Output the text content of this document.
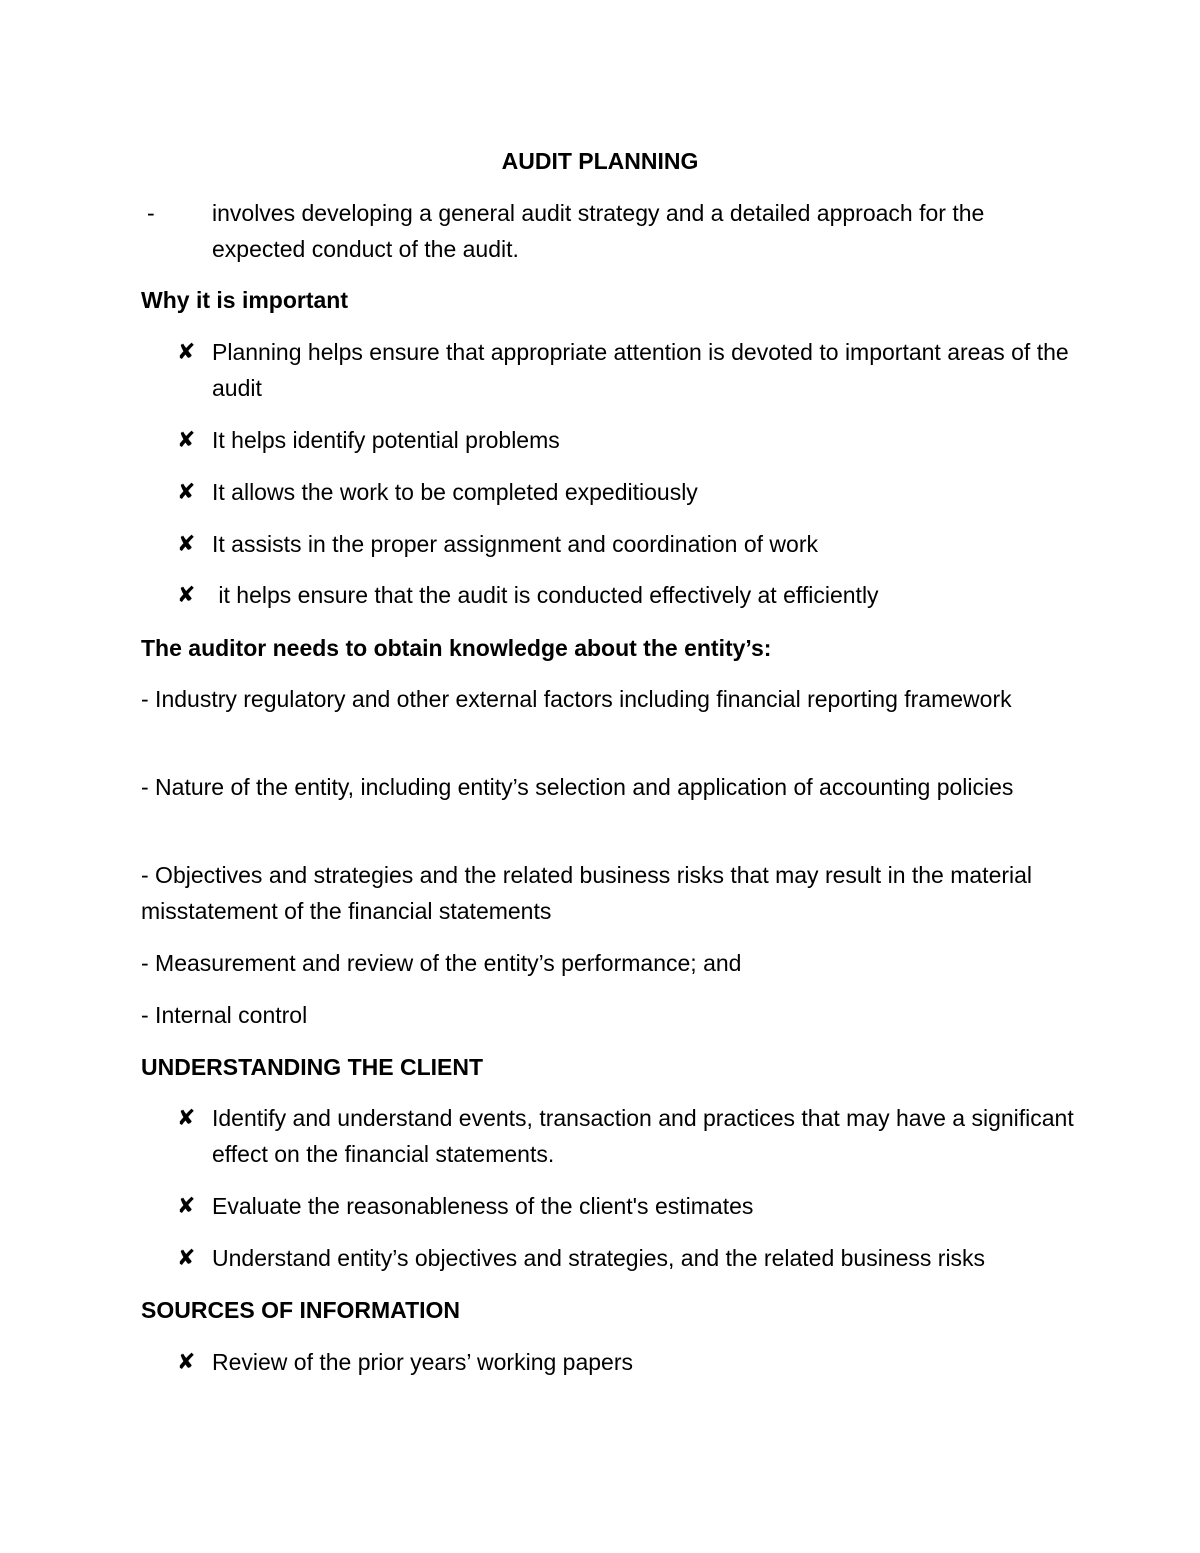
AUDIT PLANNING
- involves developing a general audit strategy and a detailed approach for the expected conduct of the audit.
Why it is important
✘ Planning helps ensure that appropriate attention is devoted to important areas of the audit
✘ It helps identify potential problems
✘ It allows the work to be completed expeditiously
✘ It assists in the proper assignment and coordination of work
✘ it helps ensure that the audit is conducted effectively at efficiently
The auditor needs to obtain knowledge about the entity’s:
- Industry regulatory and other external factors including financial reporting framework
- Nature of the entity, including entity’s selection and application of accounting policies
- Objectives and strategies and the related business risks that may result in the material misstatement of the financial statements
- Measurement and review of the entity’s performance; and
- Internal control
UNDERSTANDING THE CLIENT
✘ Identify and understand events, transaction and practices that may have a significant effect on the financial statements.
✘ Evaluate the reasonableness of the client's estimates
✘ Understand entity’s objectives and strategies, and the related business risks
SOURCES OF INFORMATION
✘ Review of the prior years’ working papers
